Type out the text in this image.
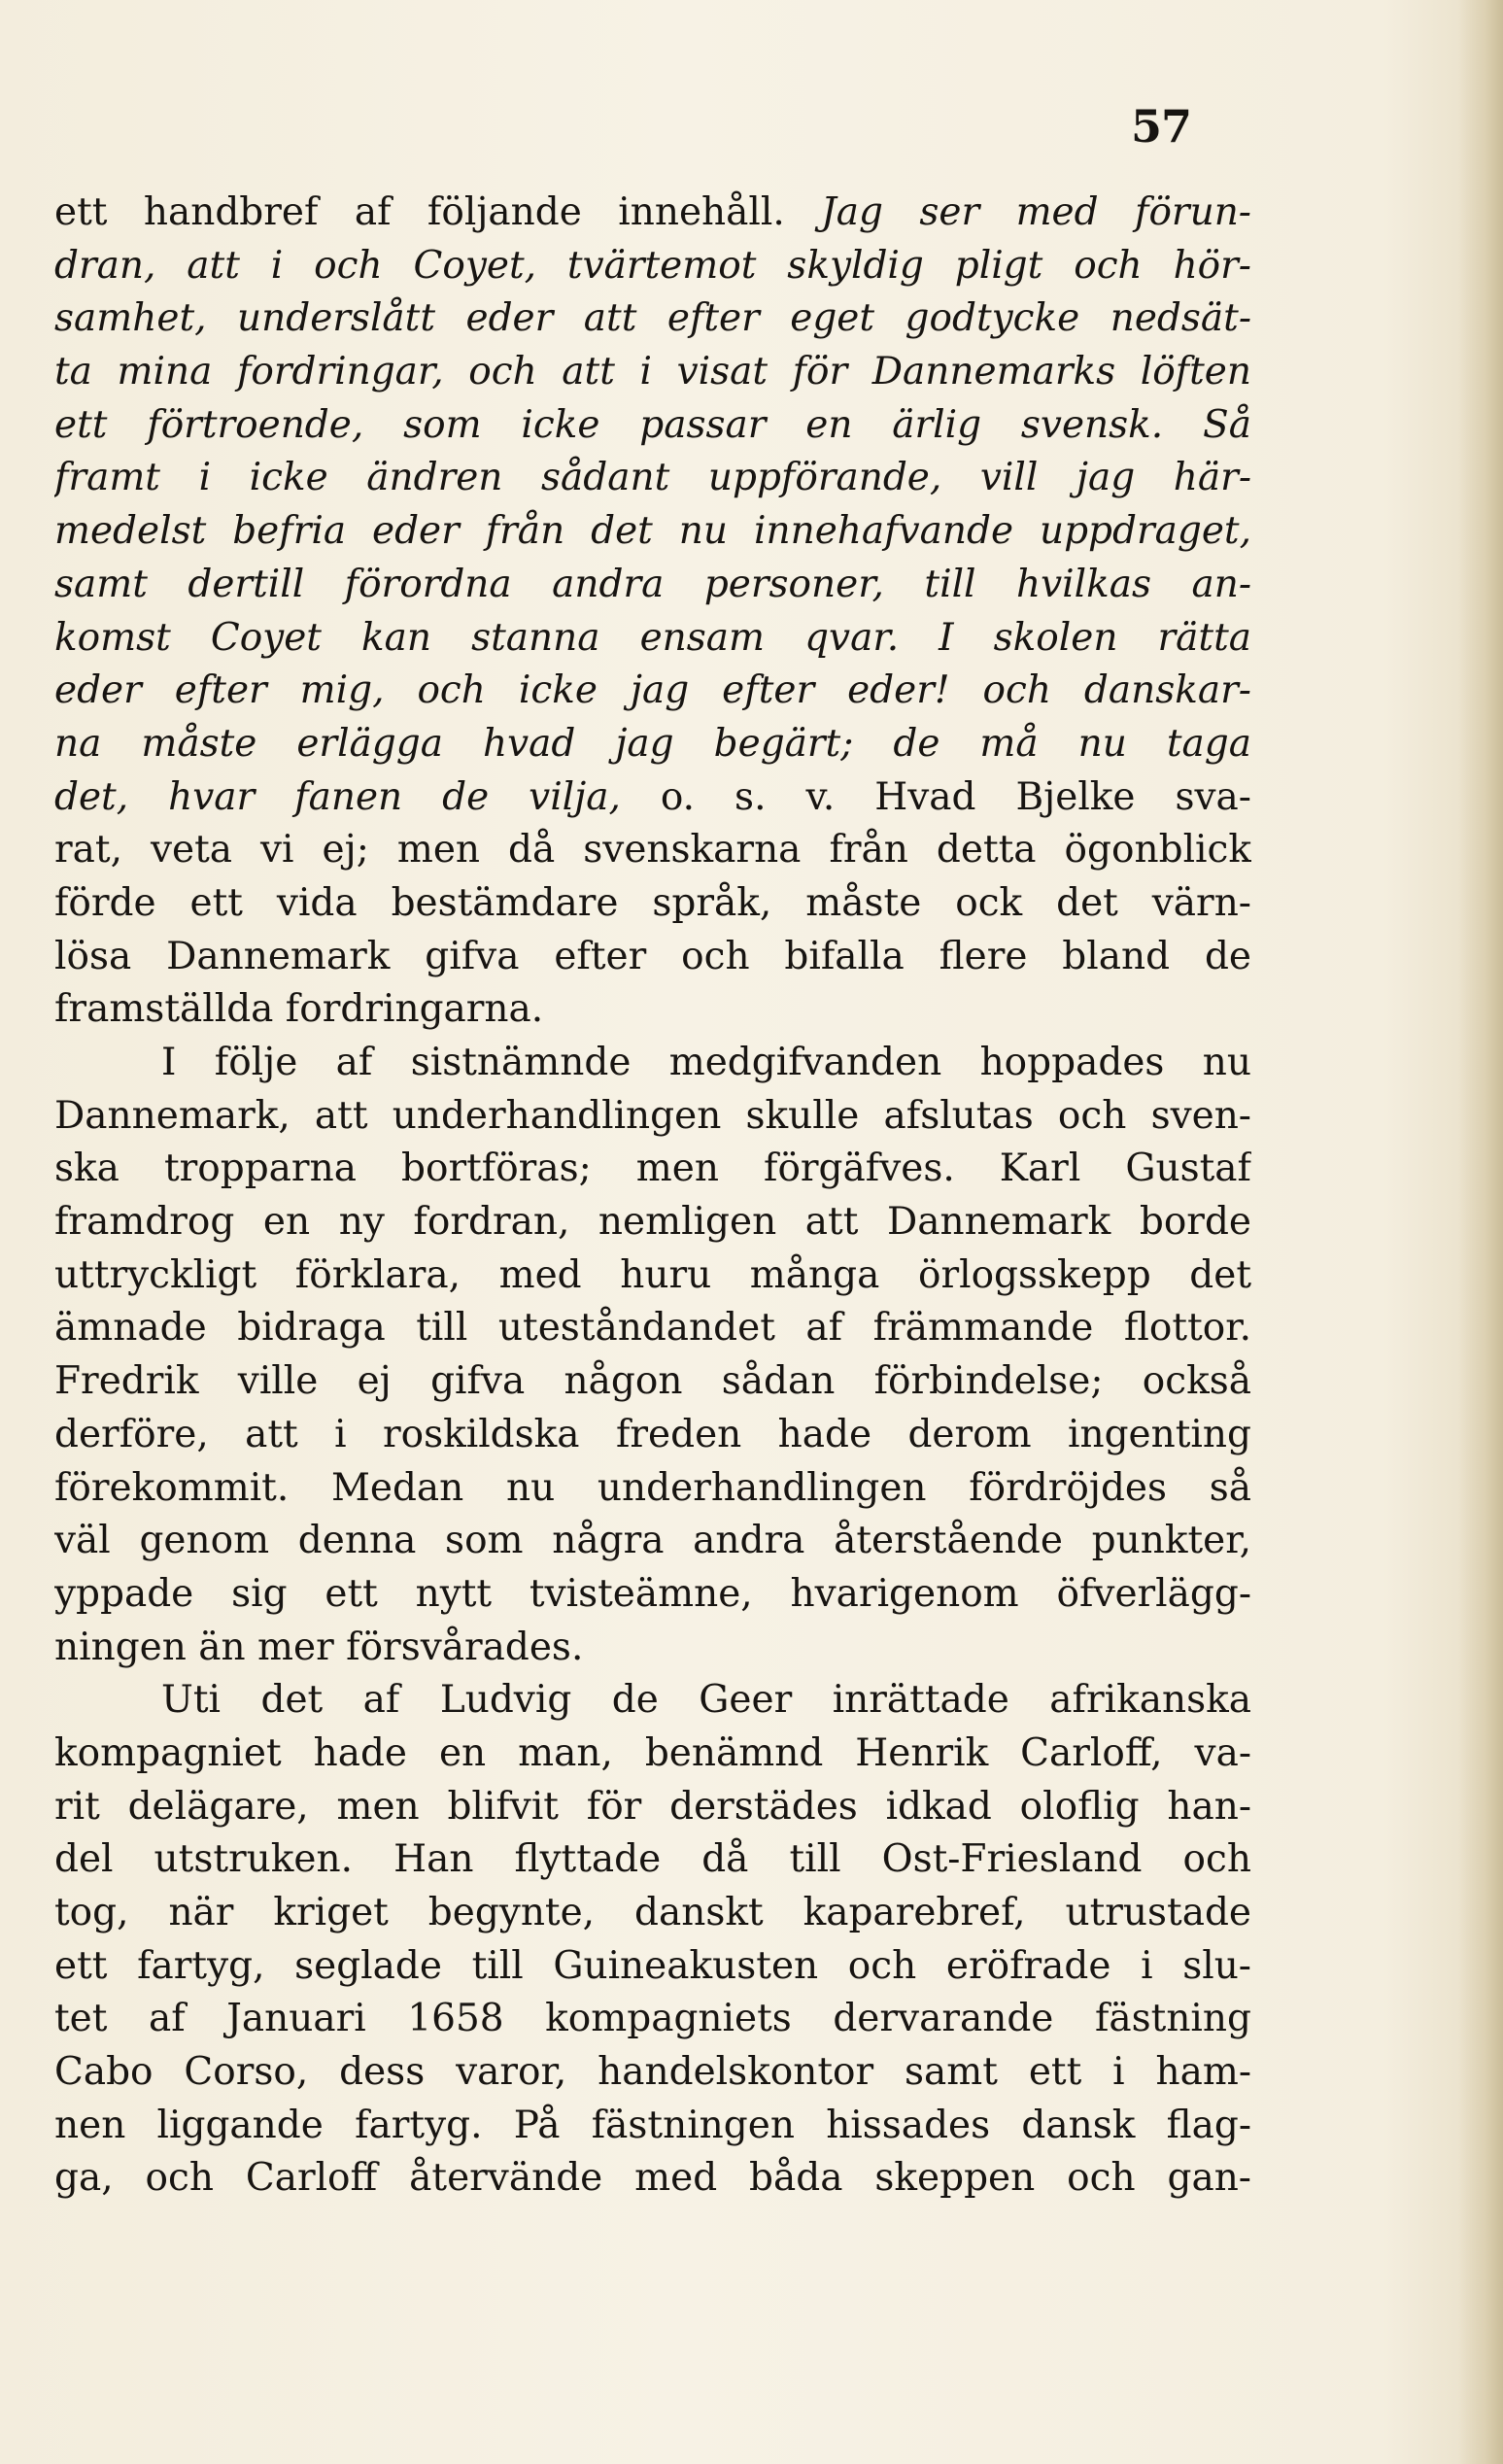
57
ett handbref af följande innehåll. Jag ser med förun-
dran, att i och Coyet, tvärtemot skyldig pligt och hör-
samhet, underslått eder att efter eget godtycke nedsät-
ta mina fordringar, och att i visat för Dannemarks löften
ett förtroende, som icke passar en ärlig svensk. Så
framt i icke ändren sådant uppförande, vill jag här-
medelst befria eder från det nu innehafvande uppdraget,
samt dertill förordna andra personer, till hvilkas an-
komst Coyet kan stanna ensam qvar. I skolen rätta
eder efter mig, och icke jag efter eder! och danskar-
na måste erlägga hvad jag begärt; de må nu taga
det, hvar fanen de vilja, o. s. v. Hvad Bjelke sva-
rat, veta vi ej; men då svenskarna från detta ögonblick
förde ett vida bestämdare språk, måste ock det värn-
lösa Dannemark gifva efter och bifalla flere bland de
framställda fordringarna.
I följe af sistnämnde medgifvanden hoppades nu
Dannemark, att underhandlingen skulle afslutas och sven-
ska tropparna bortföras; men förgäfves. Karl Gustaf
framdrog en ny fordran, nemligen att Dannemark borde
uttryckligt förklara, med huru många örlogsskepp det
ämnade bidraga till uteståndandet af främmande flottor.
Fredrik ville ej gifva någon sådan förbindelse; också
derföre, att i roskildska freden hade derom ingenting
förekommit. Medan nu underhandlingen fördröjdes så
väl genom denna som några andra återstående punkter,
yppade sig ett nytt tvisteämne, hvarigenom öfverlägg-
ningen än mer försvårades.
Uti det af Ludvig de Geer inrättade afrikanska
kompagniet hade en man, benämnd Henrik Carloff, va-
rit delägare, men blifvit för derstädes idkad oloflig han-
del utstruken. Han flyttade då till Ost-Friesland och
tog, när kriget begynte, danskt kaparebref, utrustade
ett fartyg, seglade till Guineakusten och eröfrade i slu-
tet af Januari 1658 kompagniets dervarande fästning
Cabo Corso, dess varor, handelskontor samt ett i ham-
nen liggande fartyg. På fästningen hissades dansk flag-
ga, och Carloff återvände med båda skeppen och gan-
